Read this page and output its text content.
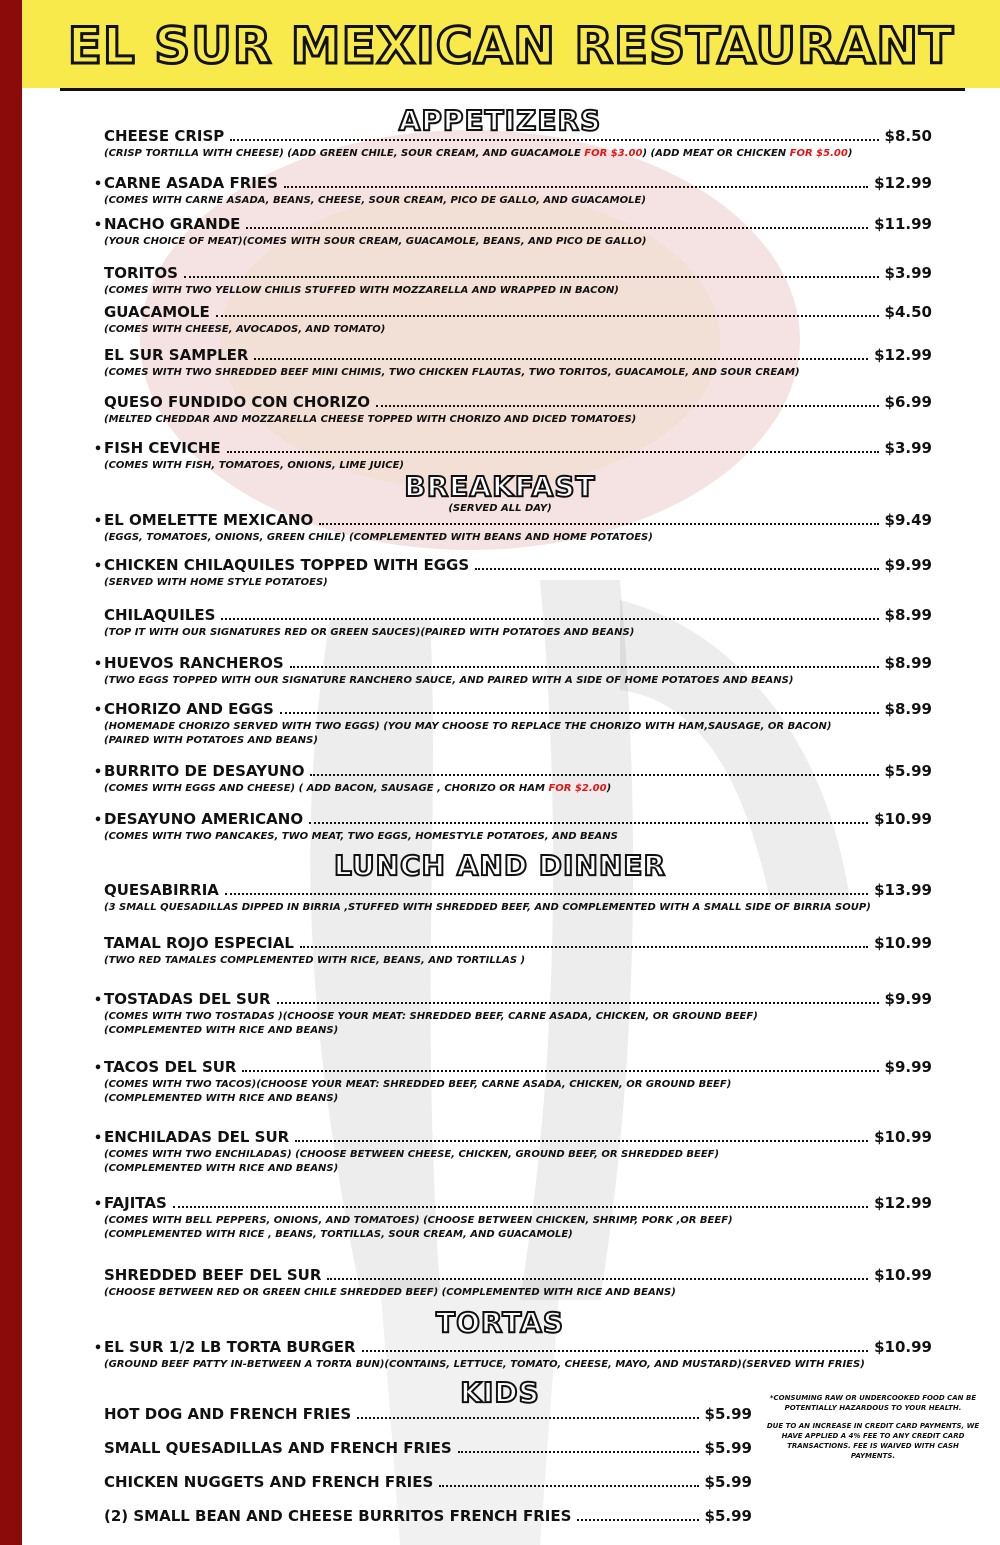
EL SUR MEXICAN RESTAURANT
APPETIZERS
BREAKFAST
(SERVED ALL DAY)
LUNCH AND DINNER
TORTAS
KIDS
CHEESE CRISP	$8.50
(CRISP TORTILLA WITH CHEESE) (ADD GREEN CHILE, SOUR CREAM, AND GUACAMOLE FOR $3.00) (ADD MEAT OR CHICKEN FOR $5.00)
• CARNE ASADA FRIES	$12.99
(COMES WITH CARNE ASADA, BEANS, CHEESE, SOUR CREAM, PICO DE GALLO, AND GUACAMOLE)
• NACHO GRANDE	$11.99
(YOUR CHOICE OF MEAT)(COMES WITH SOUR CREAM, GUACAMOLE, BEANS, AND PICO DE GALLO)
TORITOS	$3.99
(COMES WITH TWO YELLOW CHILIS STUFFED WITH MOZZARELLA AND WRAPPED IN BACON)
GUACAMOLE	$4.50
(COMES WITH CHEESE, AVOCADOS, AND TOMATO)
EL SUR SAMPLER	$12.99
(COMES WITH TWO SHREDDED BEEF MINI CHIMIS, TWO CHICKEN FLAUTAS, TWO TORITOS, GUACAMOLE, AND SOUR CREAM)
QUESO FUNDIDO CON CHORIZO	$6.99
(MELTED CHEDDAR AND MOZZARELLA CHEESE TOPPED WITH CHORIZO AND DICED TOMATOES)
• FISH CEVICHE	$3.99
(COMES WITH FISH, TOMATOES, ONIONS, LIME JUICE)
• EL OMELETTE MEXICANO	$9.49
(EGGS, TOMATOES, ONIONS, GREEN CHILE) (COMPLEMENTED WITH BEANS AND HOME POTATOES)
• CHICKEN CHILAQUILES TOPPED WITH EGGS	$9.99
(SERVED WITH HOME STYLE POTATOES)
CHILAQUILES	$8.99
(TOP IT WITH OUR SIGNATURES RED OR GREEN SAUCES)(PAIRED WITH POTATOES AND BEANS)
• HUEVOS RANCHEROS	$8.99
(TWO EGGS TOPPED WITH OUR SIGNATURE RANCHERO SAUCE, AND PAIRED WITH A SIDE OF HOME POTATOES AND BEANS)
• CHORIZO AND EGGS	$8.99
(HOMEMADE CHORIZO SERVED WITH TWO EGGS) (YOU MAY CHOOSE TO REPLACE THE CHORIZO WITH HAM,SAUSAGE, OR BACON)
(PAIRED WITH POTATOES AND BEANS)
• BURRITO DE DESAYUNO	$5.99
(COMES WITH EGGS AND CHEESE) ( ADD BACON, SAUSAGE , CHORIZO OR HAM FOR $2.00)
• DESAYUNO AMERICANO	$10.99
(COMES WITH TWO PANCAKES, TWO MEAT, TWO EGGS, HOMESTYLE POTATOES, AND BEANS
QUESABIRRIA	$13.99
(3 SMALL QUESADILLAS DIPPED IN BIRRIA ,STUFFED WITH SHREDDED BEEF, AND COMPLEMENTED WITH A SMALL SIDE OF BIRRIA SOUP)
TAMAL ROJO ESPECIAL	$10.99
(TWO RED TAMALES COMPLEMENTED WITH RICE, BEANS, AND TORTILLAS )
• TOSTADAS DEL SUR	$9.99
(COMES WITH TWO TOSTADAS )(CHOOSE YOUR MEAT: SHREDDED BEEF, CARNE ASADA, CHICKEN, OR GROUND BEEF)
(COMPLEMENTED WITH RICE AND BEANS)
• TACOS DEL SUR	$9.99
(COMES WITH TWO TACOS)(CHOOSE YOUR MEAT: SHREDDED BEEF, CARNE ASADA, CHICKEN, OR GROUND BEEF)
(COMPLEMENTED WITH RICE AND BEANS)
• ENCHILADAS DEL SUR	$10.99
(COMES WITH TWO ENCHILADAS) (CHOOSE BETWEEN CHEESE, CHICKEN, GROUND BEEF, OR SHREDDED BEEF)
(COMPLEMENTED WITH RICE AND BEANS)
• FAJITAS	$12.99
(COMES WITH BELL PEPPERS, ONIONS, AND TOMATOES) (CHOOSE BETWEEN CHICKEN, SHRIMP, PORK ,OR BEEF)
(COMPLEMENTED WITH RICE , BEANS, TORTILLAS, SOUR CREAM, AND GUACAMOLE)
SHREDDED BEEF DEL SUR	$10.99
(CHOOSE BETWEEN RED OR GREEN CHILE SHREDDED BEEF) (COMPLEMENTED WITH RICE AND BEANS)
• EL SUR 1/2 LB TORTA BURGER	$10.99
(GROUND BEEF PATTY IN-BETWEEN A TORTA BUN)(CONTAINS, LETTUCE, TOMATO, CHEESE, MAYO, AND MUSTARD)(SERVED WITH FRIES)
HOT DOG AND FRENCH FRIES	$5.99
SMALL QUESADILLAS AND FRENCH FRIES	$5.99
CHICKEN NUGGETS AND FRENCH FRIES	$5.99
(2) SMALL BEAN AND CHEESE BURRITOS FRENCH FRIES	$5.99

*CONSUMING RAW OR UNDERCOOKED FOOD CAN BE POTENTIALLY HAZARDOUS TO YOUR HEALTH.

DUE TO AN INCREASE IN CREDIT CARD PAYMENTS, WE HAVE APPLIED A 4% FEE TO ANY CREDIT CARD TRANSACTIONS. FEE IS WAIVED WITH CASH PAYMENTS.
